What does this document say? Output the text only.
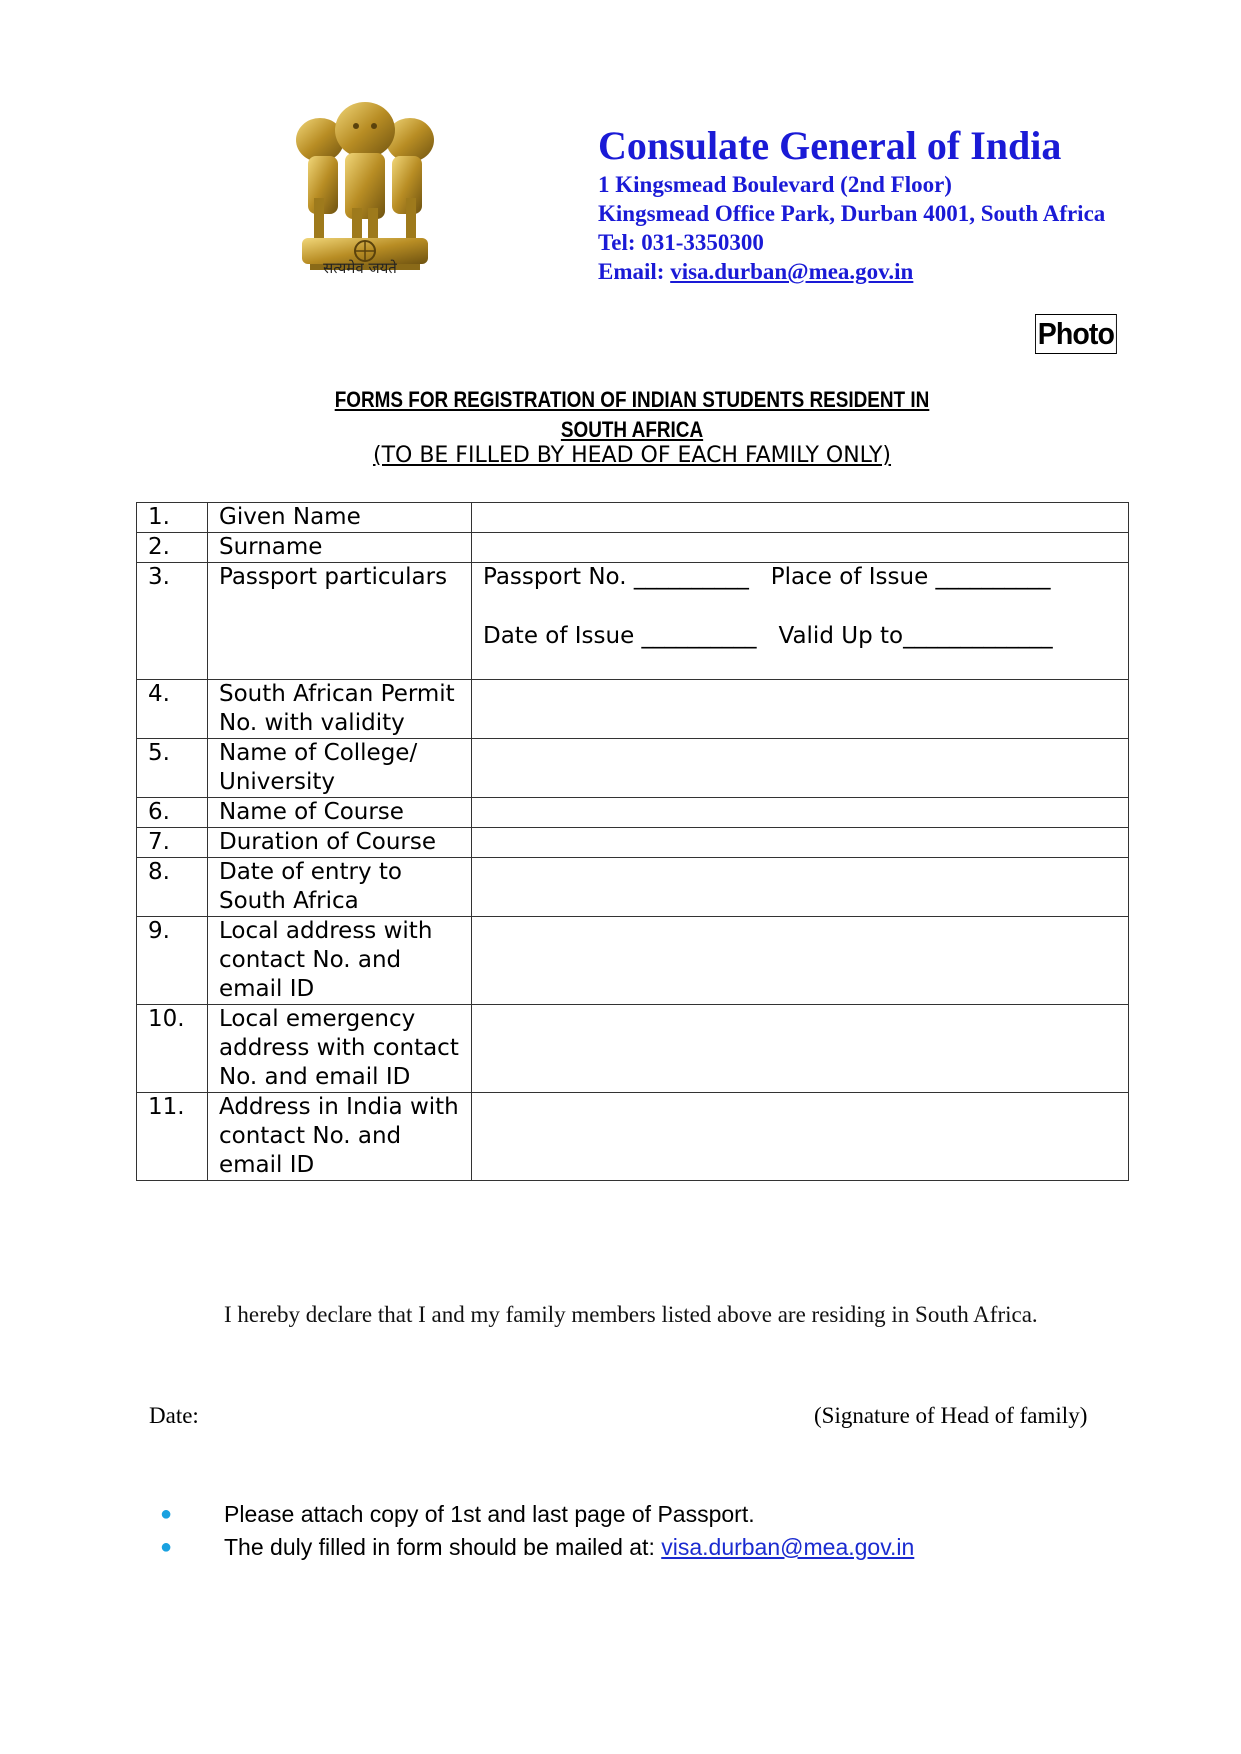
सत्यमेव जयते
Consulate General of India
1 Kingsmead Boulevard (2nd Floor)
Kingsmead Office Park, Durban 4001, South Africa
Tel: 031-3350300
Email: visa.durban@mea.gov.in
Photo
FORMS FOR REGISTRATION OF INDIAN STUDENTS RESIDENT IN
SOUTH AFRICA
(TO BE FILLED BY HEAD OF EACH FAMILY ONLY)
1.	Given Name	
2.	Surname	
3.	Passport particulars	Passport No. __________ Place of Issue __________
Date of Issue __________ Valid Up to_____________

4.	South African Permit No. with validity	
5.	Name of College/ University	
6.	Name of Course	
7.	Duration of Course	
8.	Date of entry to South Africa	
9.	Local address with contact No. and email ID	
10.	Local emergency address with contact No. and email ID	
11.	Address in India with contact No. and email ID	
I hereby declare that I and my family members listed above are residing in South Africa.
Date:	(Signature of Head of family)
● Please attach copy of 1st and last page of Passport.
● The duly filled in form should be mailed at: visa.durban@mea.gov.in
